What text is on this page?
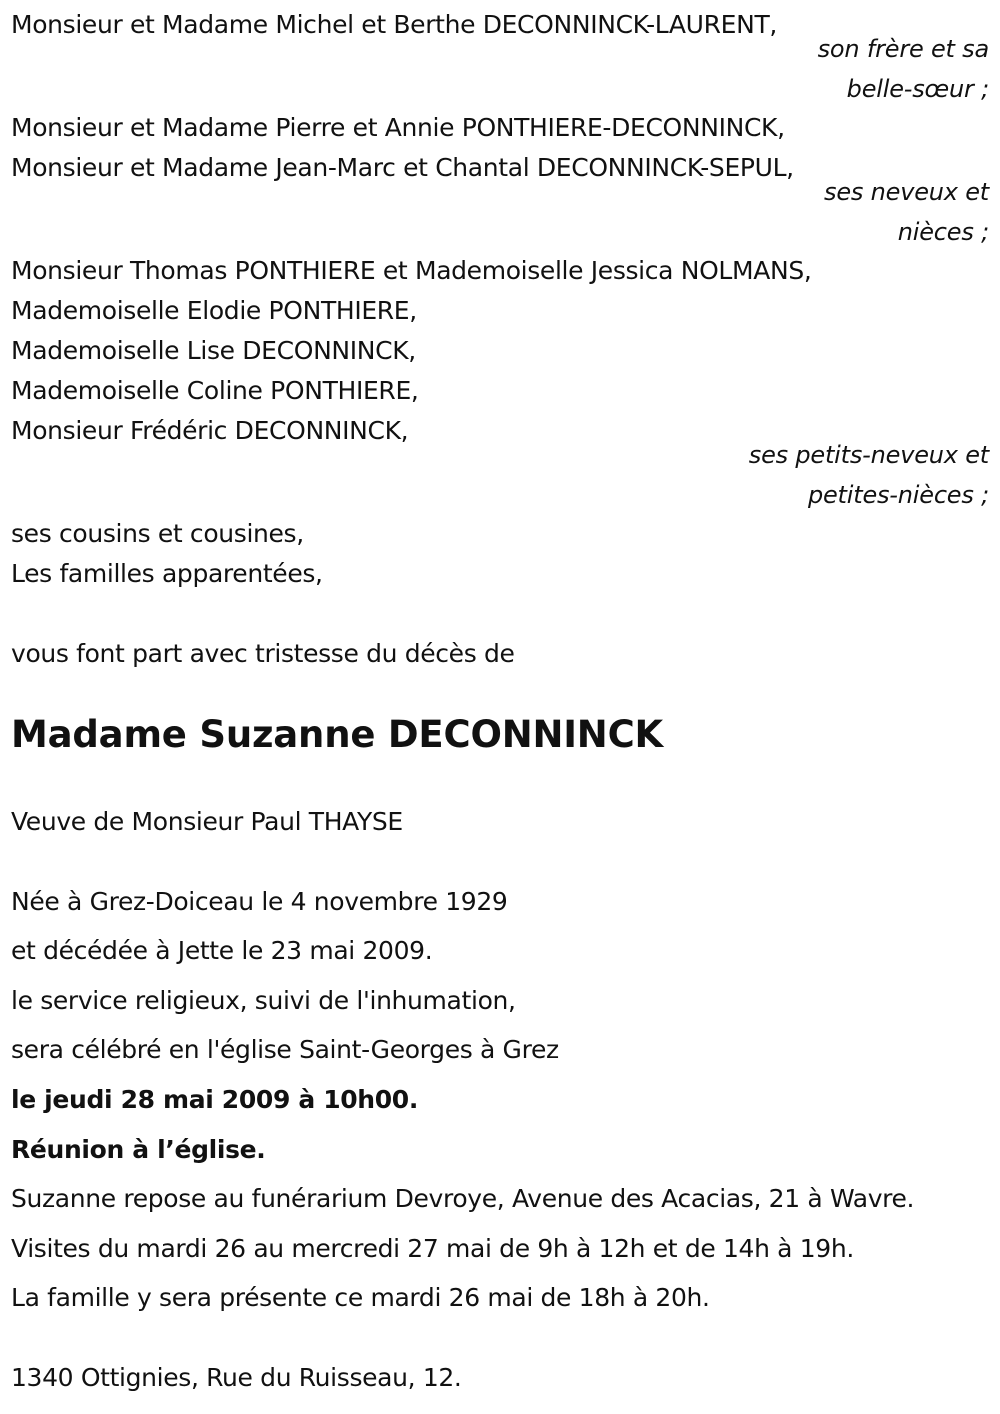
Monsieur et Madame Michel et Berthe DECONNINCK-LAURENT,
son frère et sa
belle-sœur ;
Monsieur et Madame Pierre et Annie PONTHIERE-DECONNINCK,
Monsieur et Madame Jean-Marc et Chantal DECONNINCK-SEPUL,
ses neveux et
nièces ;
Monsieur Thomas PONTHIERE et Mademoiselle Jessica NOLMANS,
Mademoiselle Elodie PONTHIERE,
Mademoiselle Lise DECONNINCK,
Mademoiselle Coline PONTHIERE,
Monsieur Frédéric DECONNINCK,
ses petits-neveux et
petites-nièces ;
ses cousins et cousines,
Les familles apparentées,
vous font part avec tristesse du décès de
Madame Suzanne DECONNINCK
Veuve de Monsieur Paul THAYSE
Née à Grez-Doiceau le 4 novembre 1929
et décédée à Jette le 23 mai 2009.
le service religieux, suivi de l'inhumation,
sera célébré en l'église Saint-Georges à Grez
le jeudi 28 mai 2009 à 10h00.
Réunion à l’église.
Suzanne repose au funérarium Devroye, Avenue des Acacias, 21 à Wavre.
Visites du mardi 26 au mercredi 27 mai de 9h à 12h et de 14h à 19h.
La famille y sera présente ce mardi 26 mai de 18h à 20h.
1340 Ottignies, Rue du Ruisseau, 12.
